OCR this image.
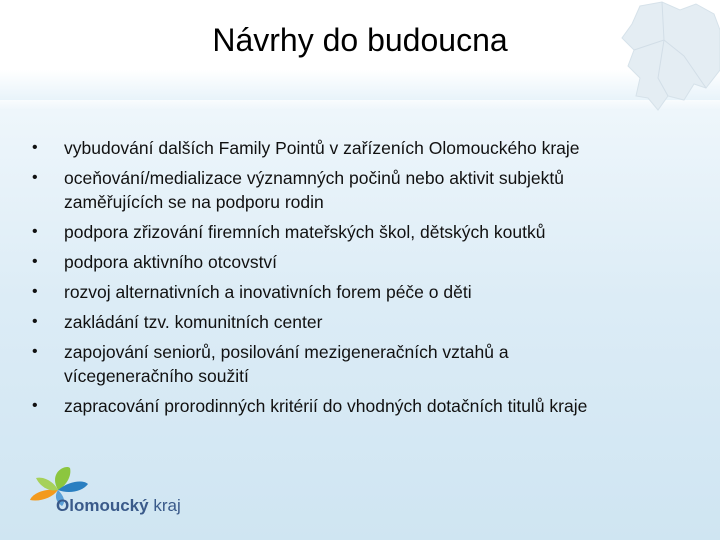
Návrhy do budoucna
• vybudování dalších Family Pointů v zařízeních Olomouckého kraje
• oceňování/medializace významných počinů nebo aktivit subjektů zaměřujících se na podporu rodin
• podpora zřizování firemních mateřských škol, dětských koutků
• podpora aktivního otcovství
• rozvoj alternativních a inovativních forem péče o děti
• zakládání tzv. komunitních center
• zapojování seniorů, posilování mezigeneračních vztahů a vícegeneračního soužití
• zapracování prorodinných kritérií do vhodných dotačních titulů kraje
Olomoucký kraj
